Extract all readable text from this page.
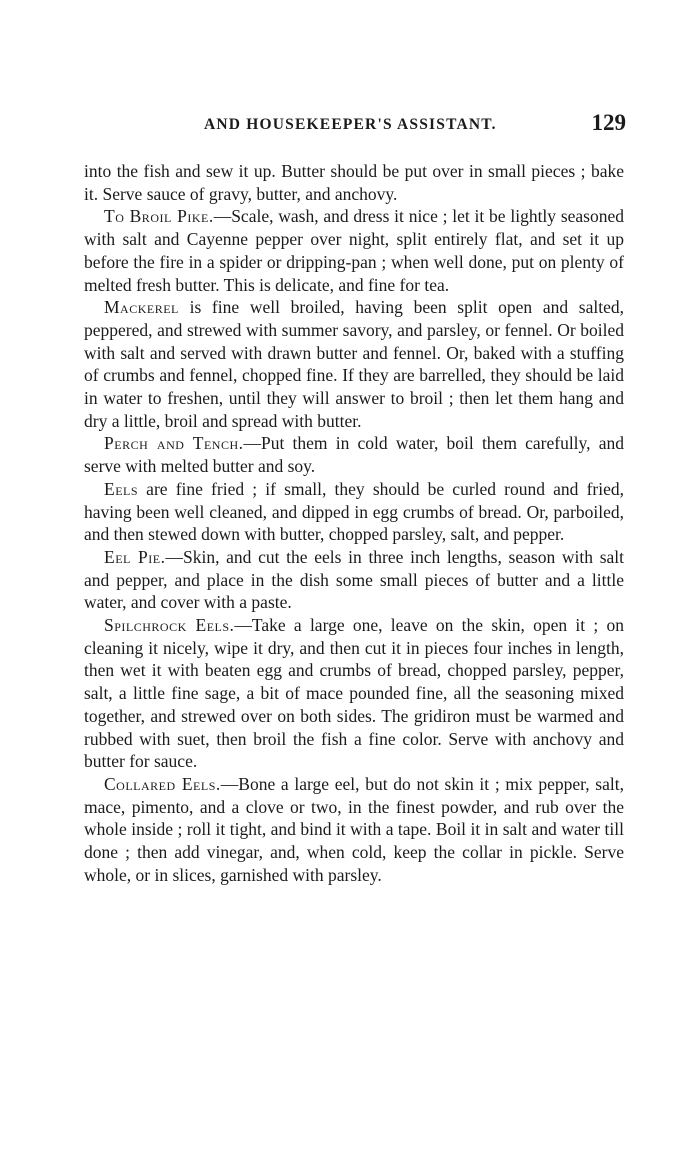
AND HOUSEKEEPER'S ASSISTANT.	129

into the fish and sew it up. Butter should be put over in small pieces ; bake it. Serve sauce of gravy, butter, and anchovy.

To Broil Pike.—Scale, wash, and dress it nice ; let it be lightly seasoned with salt and Cayenne pepper over night, split entirely flat, and set it up before the fire in a spider or dripping-pan ; when well done, put on plenty of melted fresh butter. This is delicate, and fine for tea.

Mackerel is fine well broiled, having been split open and salted, peppered, and strewed with summer savory, and parsley, or fennel. Or boiled with salt and served with drawn butter and fennel. Or, baked with a stuffing of crumbs and fennel, chopped fine. If they are barrelled, they should be laid in water to freshen, until they will answer to broil ; then let them hang and dry a little, broil and spread with butter.

Perch and Tench.—Put them in cold water, boil them carefully, and serve with melted butter and soy.

Eels are fine fried ; if small, they should be curled round and fried, having been well cleaned, and dipped in egg crumbs of bread. Or, parboiled, and then stewed down with butter, chopped parsley, salt, and pepper.

Eel Pie.—Skin, and cut the eels in three inch lengths, season with salt and pepper, and place in the dish some small pieces of butter and a little water, and cover with a paste.

Spilchrock Eels.—Take a large one, leave on the skin, open it ; on cleaning it nicely, wipe it dry, and then cut it in pieces four inches in length, then wet it with beaten egg and crumbs of bread, chopped parsley, pepper, salt, a little fine sage, a bit of mace pounded fine, all the seasoning mixed together, and strewed over on both sides. The gridiron must be warmed and rubbed with suet, then broil the fish a fine color. Serve with anchovy and butter for sauce.

Collared Eels.—Bone a large eel, but do not skin it ; mix pepper, salt, mace, pimento, and a clove or two, in the finest powder, and rub over the whole inside ; roll it tight, and bind it with a tape. Boil it in salt and water till done ; then add vinegar, and, when cold, keep the collar in pickle. Serve whole, or in slices, garnished with parsley.
